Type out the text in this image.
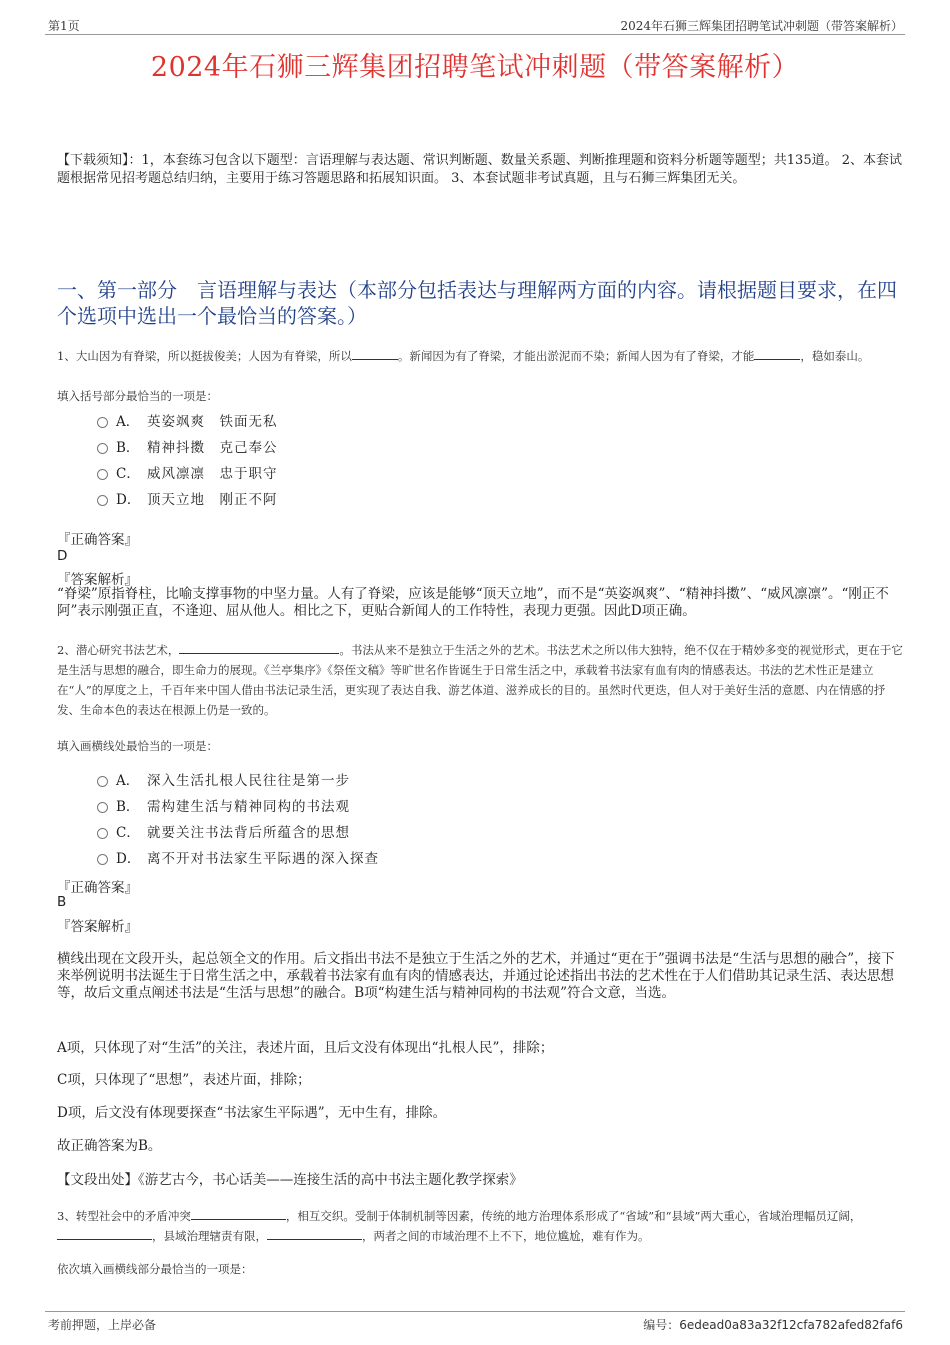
第1页	2024年石狮三辉集团招聘笔试冲刺题（带答案解析）
2024年石狮三辉集团招聘笔试冲刺题（带答案解析）
【下载须知】：1，本套练习包含以下题型：言语理解与表达题、常识判断题、数量关系题、判断推理题和资料分析题等题型；共135道。 2、本套试题根据常见招考题总结归纳，主要用于练习答题思路和拓展知识面。 3、本套试题非考试真题，且与石狮三辉集团无关。
一、第一部分　言语理解与表达（本部分包括表达与理解两方面的内容。请根据题目要求，在四个选项中选出一个最恰当的答案。）
1、大山因为有脊梁，所以挺拔俊美；人因为有脊梁，所以	。新闻因为有了脊梁，才能出淤泥而不染；新闻人因为有了脊梁，才能	，稳如泰山。
填入括号部分最恰当的一项是：
A． 英姿飒爽　铁面无私
B． 精神抖擞　克己奉公
C． 威风凛凛　忠于职守
D． 顶天立地　刚正不阿
『正确答案』
D
『答案解析』
“脊梁”原指脊柱，比喻支撑事物的中坚力量。人有了脊梁，应该是能够“顶天立地”，而不是“英姿飒爽”、“精神抖擞”、“威风凛凛”。“刚正不阿”表示刚强正直，不逢迎、屈从他人。相比之下，更贴合新闻人的工作特性，表现力更强。因此D项正确。
2、潜心研究书法艺术，	。书法从来不是独立于生活之外的艺术。书法艺术之所以伟大独特，绝不仅在于精妙多变的视觉形式，更在于它是生活与思想的融合，即生命力的展现。《兰亭集序》《祭侄文稿》等旷世名作皆诞生于日常生活之中，承载着书法家有血有肉的情感表达。书法的艺术性正是建立在“人”的厚度之上，千百年来中国人借由书法记录生活，更实现了表达自我、游艺体道、滋养成长的目的。虽然时代更迭，但人对于美好生活的意愿、内在情感的抒发、生命本色的表达在根源上仍是一致的。
填入画横线处最恰当的一项是：
A． 深入生活扎根人民往往是第一步
B． 需构建生活与精神同构的书法观
C． 就要关注书法背后所蕴含的思想
D． 离不开对书法家生平际遇的深入探查
『正确答案』
B
『答案解析』
横线出现在文段开头，起总领全文的作用。后文指出书法不是独立于生活之外的艺术，并通过“更在于”强调书法是“生活与思想的融合”，接下来举例说明书法诞生于日常生活之中，承载着书法家有血有肉的情感表达，并通过论述指出书法的艺术性在于人们借助其记录生活、表达思想等，故后文重点阐述书法是“生活与思想”的融合。B项“构建生活与精神同构的书法观”符合文意，当选。
A项，只体现了对“生活”的关注，表述片面，且后文没有体现出“扎根人民”，排除；
C项，只体现了“思想”，表述片面，排除；
D项，后文没有体现要探查“书法家生平际遇”，无中生有，排除。
故正确答案为B。
【文段出处】《游艺古今，书心话美——连接生活的高中书法主题化教学探索》
3、转型社会中的矛盾冲突	，相互交织。受制于体制机制等因素，传统的地方治理体系形成了“省域”和“县域”两大重心，省域治理幅员辽阔，，县域治理辖责有限，	，两者之间的市域治理不上不下，地位尴尬，难有作为。
依次填入画横线部分最恰当的一项是：
考前押题，上岸必备	编号：6edead0a83a32f12cfa782afed82faf6
